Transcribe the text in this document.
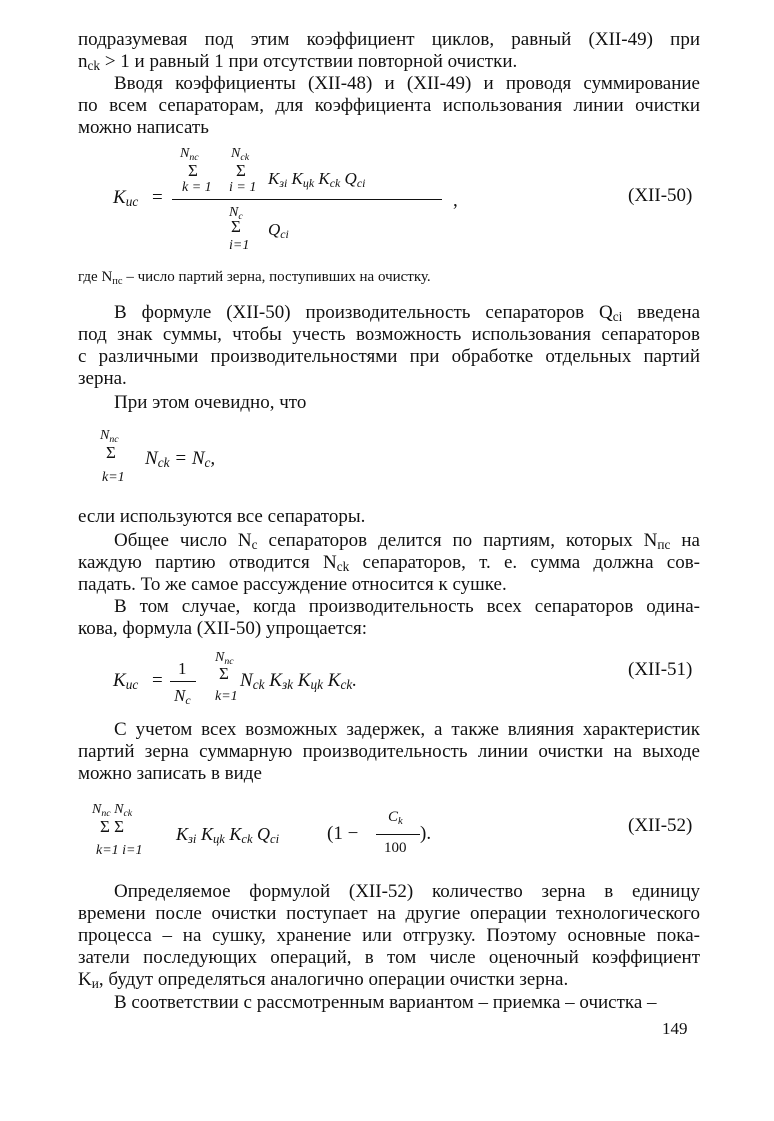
подразумевая под этим коэффициент циклов, равный (XII-49) при
$n_{ck} > 1$ и равный 1 при отсутствии повторной очистки.
Вводя коэффициенты (XII-48) и (XII-49) и проводя суммирование
по всем сепараторам, для коэффициента использования линии очистки
можно написать
$N_{пс}$ $N_{ck}$
Σ Σ
k = 1 i = 1 $K_{зi}$ $K_{цk}$ $K_{ck}$ $Q_{ci}$
$K_{ис}$ =	,
$N_c$
Σ $Q_{ci}$
i=1
(XII-50)
где $N_{пс}$ – число партий зерна, поступивших на очистку.
В формуле (XII-50) производительность сепараторов $Q_{ci}$ введена
под знак суммы, чтобы учесть возможность использования сепараторов
с различными производительностями при обработке отдельных партий
зерна.
При этом очевидно, что
$N_{пс}$
Σ $N_{ck} = N_c$,
k=1
если используются все сепараторы.
Общее число $N_c$ сепараторов делится по партиям, которых $N_{пс}$ на
каждую партию отводится $N_{ck}$ сепараторов, т. е. сумма должна сов-
падать. То же самое рассуждение относится к сушке.
В том случае, когда производительность всех сепараторов одина-
кова, формула (XII-50) упрощается:
$N_{пс}$
1 Σ
$K_{ис}$ =	$N_{ck}$ $K_{зk}$ $K_{цk}$ $K_{ck}$.
$N_c$ k=1
(XII-51)
С учетом всех возможных задержек, а также влияния характеристик
партий зерна суммарную производительность линии очистки на выходе
можно записать в виде
$N_{пс}$ $N_{ck}$	$C_k$
Σ Σ	$K_{зi}$ $K_{цk}$ $K_{ck}$ $Q_{ci}$	(1 −	).
100
k=1 i=1
(XII-52)
Определяемое формулой (XII-52) количество зерна в единицу
времени после очистки поступает на другие операции технологического
процесса – на сушку, хранение или отгрузку. Поэтому основные пока-
затели последующих операций, в том числе оценочный коэффициент
$K_и$, будут определяться аналогично операции очистки зерна.
В соответствии с рассмотренным вариантом – приемка – очистка –
149
